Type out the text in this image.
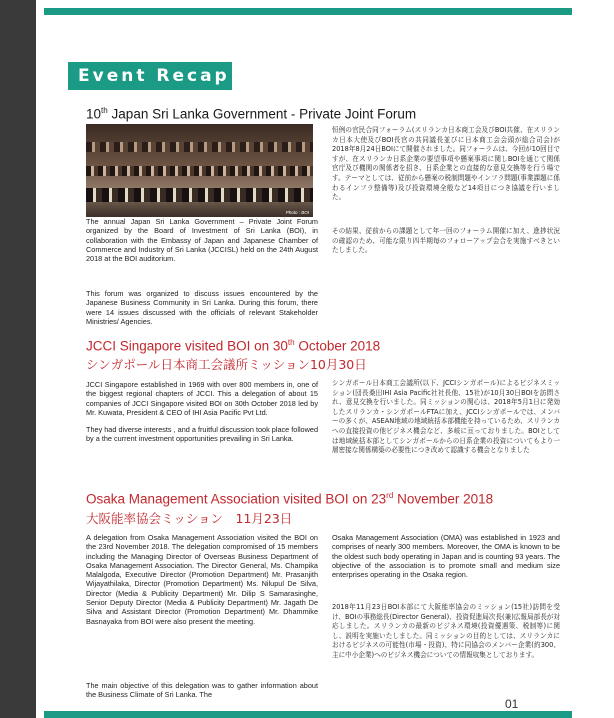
Event Recap
10th Japan Sri Lanka Government - Private Joint Forum
Photo : BOI
The annual Japan Sri Lanka Government – Private Joint Forum organized by the Board of Investment of Sri Lanka (BOI), in collaboration with the Embassy of Japan and Japanese Chamber of Commerce and Industry of Sri Lanka (JCCISL) held on the 24th August 2018 at the BOI auditorium.
This forum was organized to discuss issues encountered by the Japanese Business Community in Sri Lanka. During this forum, there were 14 issues discussed with the officials of relevant Stakeholder Ministries/ Agencies.
恒例の官民合同フォーラム(スリランカ日本商工会及びBOI共催、在スリランカ日本大使及びBOI長官の共同議長並びに日本商工会会頭が総合司会)が2018年8月24日BOIにて開催されました。同フォーラムは、今回が10回目ですが、在スリランカ日系企業の要望事項や懸案事項に関しBOIを通じて関係官庁及び機関の関係者を招き、日系企業との直接的な意見交換等を行う場です。テーマとしては、従前から懸案の税制問題やインフラ問題(事業課題に係わるインフラ整備等)及び投資環境全般など14項目につき協議を行いました。
その結果、従前からの課題として年一回のフォーラム開催に加え、進捗状況の確認のため、可能な限り四半期毎のフォローアップ会合を実施すべきといたしました。
JCCI Singapore visited BOI on 30th October 2018
シンガポール日本商工会議所ミッション10月30日
JCCI Singapore established in 1969 with over 800 members in, one of the biggest regional chapters of JCCI. This a delegation of about 15 companies of JCCI Singapore visited BOI on 30th October 2018 led by Mr. Kuwata, President & CEO of IHI Asia Pacific Pvt Ltd.
They had diverse interests , and a fruitful discussion took place followed by a the current investment opportunities prevailing in Sri Lanka.
シンガポール日本商工会議所(以下、JCCIシンガポール)によるビジネスミッション(団長桑田IHI Asia Pacific社社長他、15社)が10月30日BOIを訪問され、意見交換を行いました。同ミッションの関心は、2018年5月1日に発効したスリランカ・シンガポールFTAに加え、JCCIシンガポールでは、メンバーの多くが、ASEAN地域の地域統括本部機能を持っているため、スリランカへの直接投資の他ビジネス機会など、多岐に亘っておりました。BOIとしては地域統括本部としてシンガポールからの日系企業の投資についてもより一層密接な関係構築の必要性につき改めて認識する機会となりました
Osaka Management Association visited BOI on 23rd November 2018
大阪能率協会ミッション　11月23日
A delegation from Osaka Management Association visited the BOI on the 23rd November 2018. The delegation compromised of 15 members including the Managing Director of Overseas Business Department of Osaka Management Association. The Director General, Ms. Champika Malalgoda, Executive Director (Promotion Department) Mr. Prasanjith Wijayathilaka, Director (Promotion Department) Ms. Nilupul De Silva, Director (Media & Publicity Department) Mr. Dilip S Samarasinghe, Senior Deputy Director (Media & Publicity Department) Mr. Jagath De Silva and Assistant Director (Promotion Department) Mr. Dhammike Basnayaka from BOI were also present the meeting.
The main objective of this delegation was to gather information about the Business Climate of Sri Lanka. The
Osaka Management Association (OMA) was established in 1923 and comprises of nearly 300 members. Moreover, the OMA is known to be the oldest such body operating in Japan and is counting 93 years. The objective of the association is to promote small and medium size enterprises operating in the Osaka region.
2018年11月23日BOI本部にて大阪能率協会のミッション(15社)訪問を受け、BOIの事務総長(Director General)、投資促進局次長(兼)広報局部長が対応しました。スリランカの最新のビジネス環境(投資優遇策、税制等)に関し、説明を実施いたしました。同ミッションの目的としては、スリランカにおけるビジネスの可能性(市場・投資)、特に同協会のメンバー企業(約300、主に中小企業)へのビジネス機会についての情報収集としております。
01
